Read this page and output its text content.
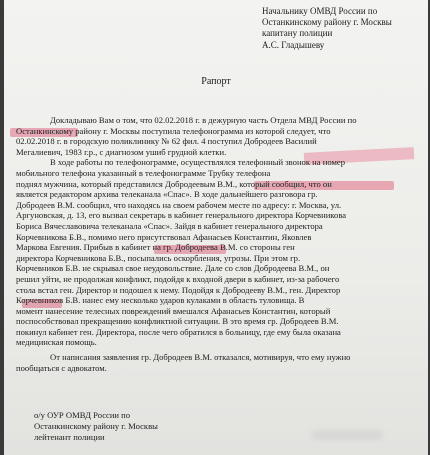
Начальнику ОМВД России по
Останкинскому району г. Москвы
капитану полиции
А.С. Гладышеву
Рапорт
Докладываю Вам о том, что 02.02.2018 г. в дежурную часть Отдела МВД России по
Останкинскому району г. Москвы поступила телефонограмма из которой следует, что
02.02.2018 г. в городскую поликлинику № 62 фил. 4 поступил Добродеев Василий
Мегалиевич, 1983 г.р., с диагнозом ушиб грудной клетки.
В ходе работы по телефонограмме, осуществлялся телефонный звонок на номер
мобильного телефона указанный в телефонограмме Трубку телефона
поднял мужчина, который представился Добродеевым В.М., который сообщил, что он
является редактором архива телеканала «Спас». В ходе дальнейшего разговора гр.
Добродеев В.М. сообщил, что находясь на своем рабочем месте по адресу: г. Москва, ул.
Аргуновская, д. 13, его вызвал секретарь в кабинет генерального директора Корчевникова
Бориса Вячеславовича телеканала «Спас». Зайдя в кабинет генерального директора
Корчевникова Б.В., помимо него присутствовал Афанасьев Константин, Яковлев
Маркова Евгения. Прибыв в кабинет на гр. Добродеева В.М. со стороны ген
директора Корчевникова Б.В., посыпались оскорбления, угрозы. При этом гр.
Корчевников Б.В. не скрывал свое неудовольствие. Дале со слов Добродеева В.М., он
решил уйти, не продолжая конфликт, подойдя к входной двери в кабинет, из-за рабочего
стола встал ген. Директор и подошел к нему. Подойдя к Добродееву В.М., ген. Директор
Корчевников Б.В. нанес ему несколько ударов кулаками в область туловища. В
момент нанесение телесных повреждений вмешался Афанасьев Константин, который
поспособствовал прекращению конфликтной ситуации. В это время гр. Добродеев В.М.
покинул кабинет ген. Директора, после чего обратился в больницу, где ему была оказана
медицинская помощь.
От написания заявления гр. Добродеев В.М. отказался, мотивируя, что ему нужно
пообщаться с адвокатом.
о/у ОУР ОМВД России по
Останкинскому району г. Москвы
лейтенант полиции
